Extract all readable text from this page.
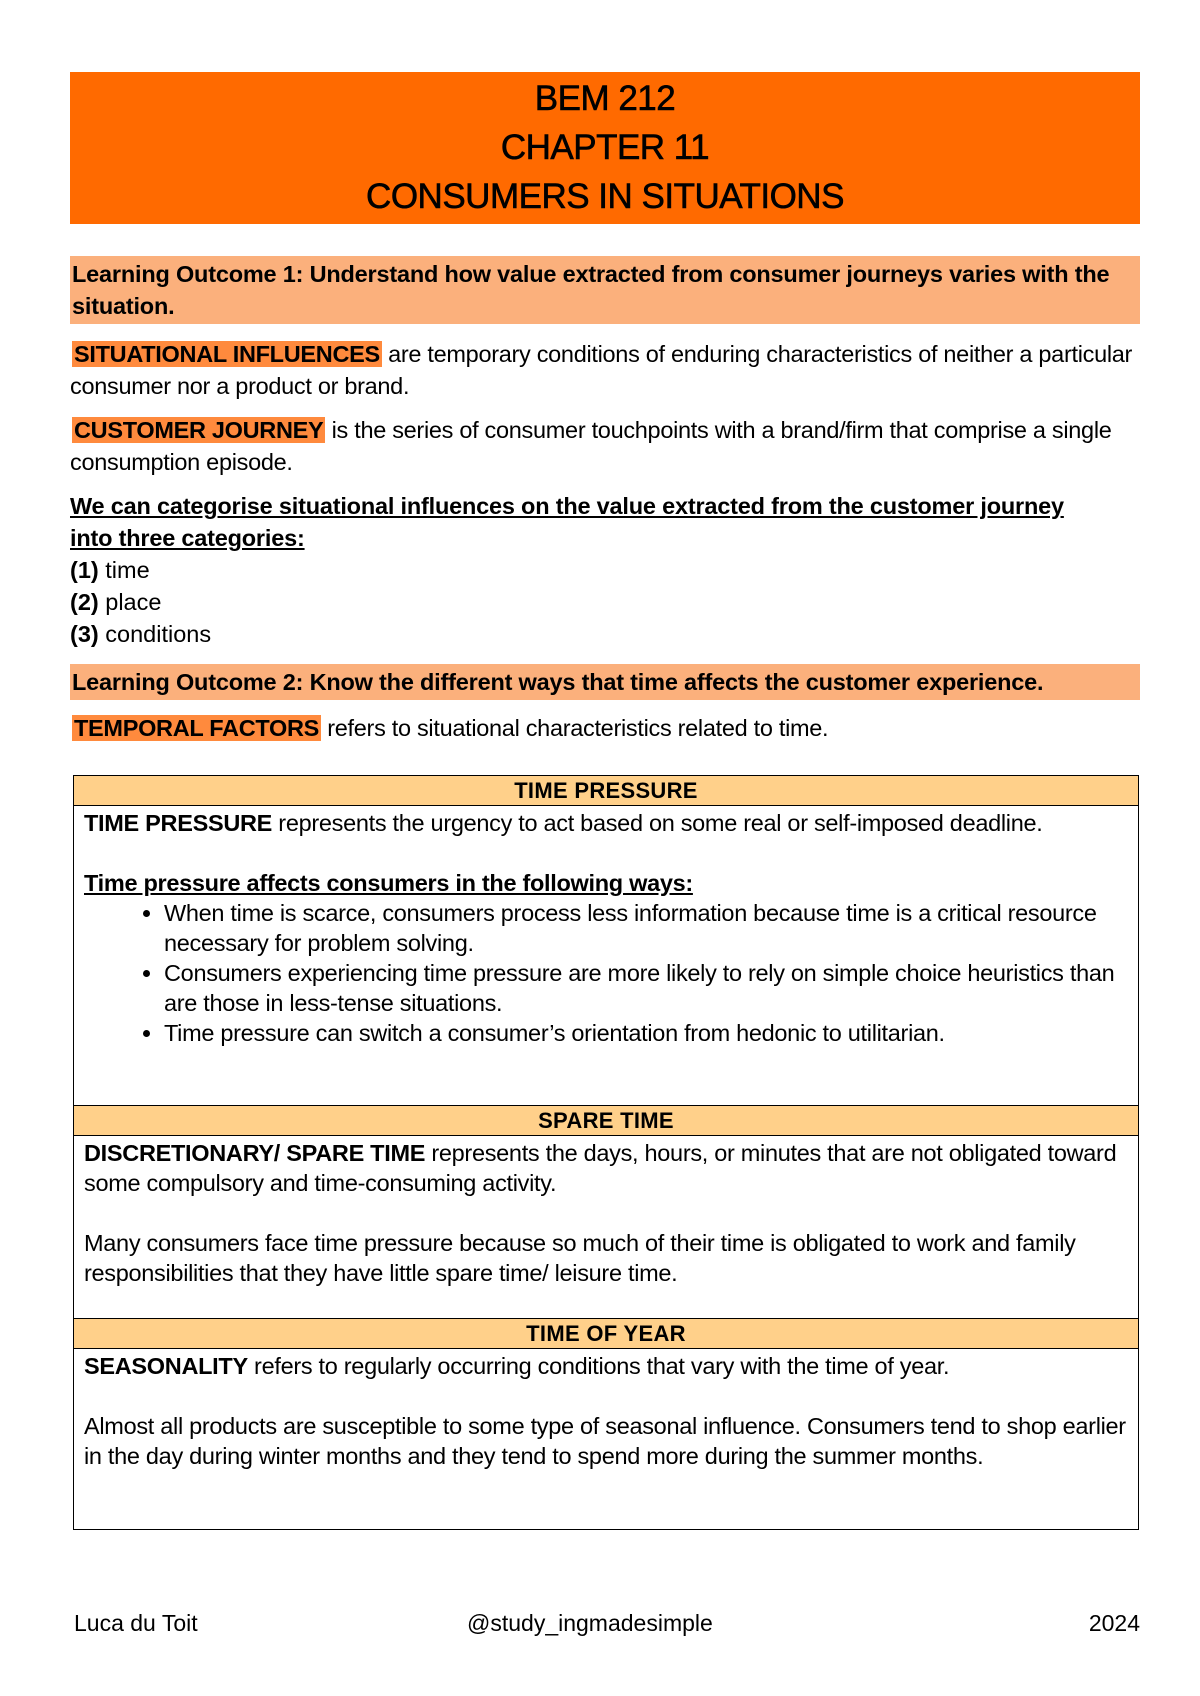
BEM 212
CHAPTER 11
CONSUMERS IN SITUATIONS
Learning Outcome 1: Understand how value extracted from consumer journeys varies with the situation.

SITUATIONAL INFLUENCES are temporary conditions of enduring characteristics of neither a particular consumer nor a product or brand.

CUSTOMER JOURNEY is the series of consumer touchpoints with a brand/firm that comprise a single consumption episode.

We can categorise situational influences on the value extracted from the customer journey into three categories:

(1) time
(2) place
(3) conditions
Learning Outcome 2: Know the different ways that time affects the customer experience.

TEMPORAL FACTORS refers to situational characteristics related to time.

TIME PRESSURE

TIME PRESSURE represents the urgency to act based on some real or self-imposed deadline.

Time pressure affects consumers in the following ways:

• When time is scarce, consumers process less information because time is a critical resource necessary for problem solving.
• Consumers experiencing time pressure are more likely to rely on simple choice heuristics than are those in less-tense situations.
• Time pressure can switch a consumer’s orientation from hedonic to utilitarian.
SPARE TIME

DISCRETIONARY/ SPARE TIME represents the days, hours, or minutes that are not obligated toward some compulsory and time-consuming activity.

Many consumers face time pressure because so much of their time is obligated to work and family responsibilities that they have little spare time/ leisure time.

TIME OF YEAR

SEASONALITY refers to regularly occurring conditions that vary with the time of year.

Almost all products are susceptible to some type of seasonal influence. Consumers tend to shop earlier in the day during winter months and they tend to spend more during the summer months.

Luca du Toit	@study_ingmadesimple	2024
